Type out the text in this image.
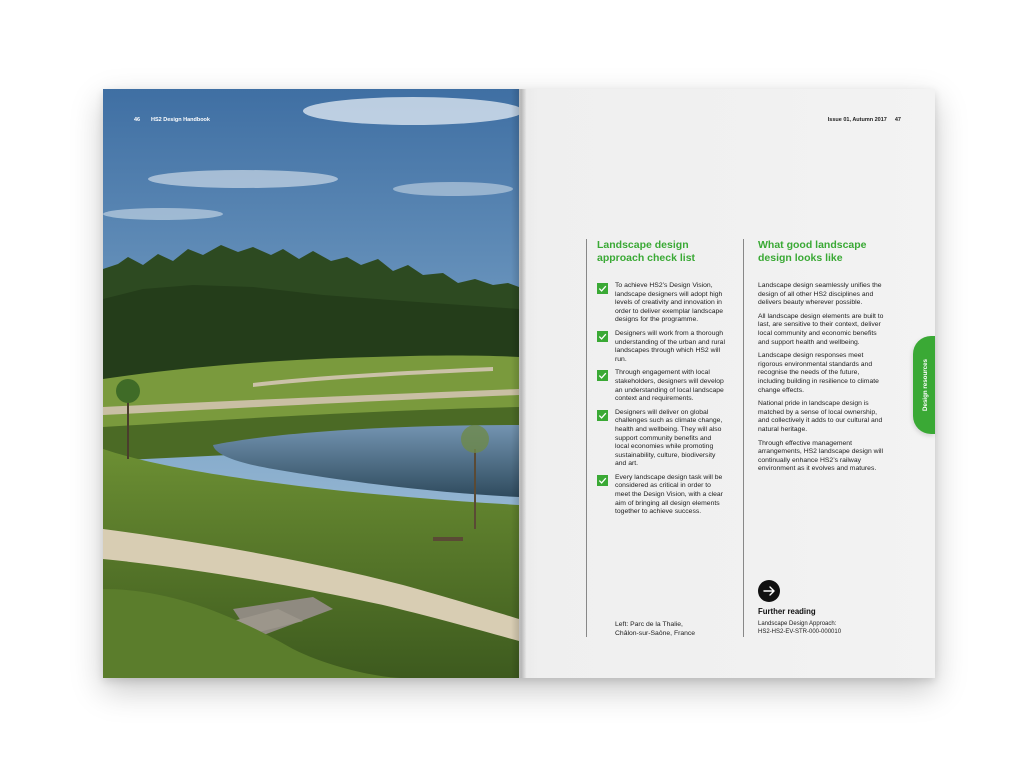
46 HS2 Design Handbook	Issue 01, Autumn 2017 47
Landscape design approach check list
To achieve HS2’s Design Vision, landscape designers will adopt high levels of creativity and innovation in order to deliver exemplar landscape designs for the programme.
Designers will work from a thorough understanding of the urban and rural landscapes through which HS2 will run.
Through engagement with local stakeholders, designers will develop an understanding of local landscape context and requirements.
Designers will deliver on global challenges such as climate change, health and wellbeing. They will also support community benefits and local economies while promoting sustainability, culture, biodiversity and art.
Every landscape design task will be considered as critical in order to meet the Design Vision, with a clear aim of bringing all design elements together to achieve success.
What good landscape design looks like

Landscape design seamlessly unifies the design of all other HS2 disciplines and delivers beauty wherever possible.

All landscape design elements are built to last, are sensitive to their context, deliver local community and economic benefits and support health and wellbeing.

Landscape design responses meet rigorous environmental standards and recognise the needs of the future, including building in resilience to climate change effects.

National pride in landscape design is matched by a sense of local ownership, and collectively it adds to our cultural and natural heritage.

Through effective management arrangements, HS2 landscape design will continually enhance HS2’s railway environment as it evolves and matures.

Left: Parc de la Thalie,
Châlon-sur-Saône, France
Further reading
Landscape Design Approach:
HS2-HS2-EV-STR-000-000010
Design resources
